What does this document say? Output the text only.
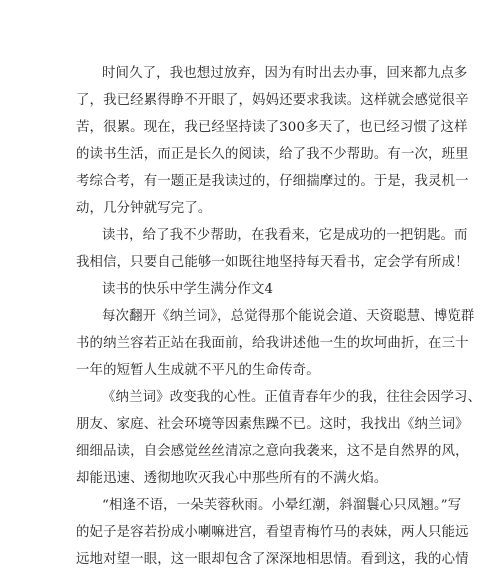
时间久了，我也想过放弃，因为有时出去办事，回来都九点多
了，我已经累得睁不开眼了，妈妈还要求我读。这样就会感觉很辛
苦，很累。现在，我已经坚持读了300多天了，也已经习惯了这样
的读书生活，而正是长久的阅读，给了我不少帮助。有一次，班里
考综合考，有一题正是我读过的，仔细揣摩过的。于是，我灵机一
动，几分钟就写完了。
读书，给了我不少帮助，在我看来，它是成功的一把钥匙。而
我相信，只要自己能够一如既往地坚持每天看书，定会学有所成！
读书的快乐中学生满分作文4
每次翻开《纳兰词》，总觉得那个能说会道、天资聪慧、博览群
书的纳兰容若正站在我面前，给我讲述他一生的坎坷曲折，在三十
一年的短暂人生成就不平凡的生命传奇。
《纳兰词》改变我的心性。正值青春年少的我，往往会因学习、
朋友、家庭、社会环境等因素焦躁不已。这时，我找出《纳兰词》
细细品读，自会感觉丝丝清凉之意向我袭来，这不是自然界的风，
却能迅速、透彻地吹灭我心中那些所有的不满火焰。
“相逢不语，一朵芙蓉秋雨。小晕红潮，斜溜鬟心只凤翘。”写
的妃子是容若扮成小喇嘛进宫，看望青梅竹马的表妹，两人只能远
远地对望一眼，这一眼却包含了深深地相思情。看到这，我的心情
